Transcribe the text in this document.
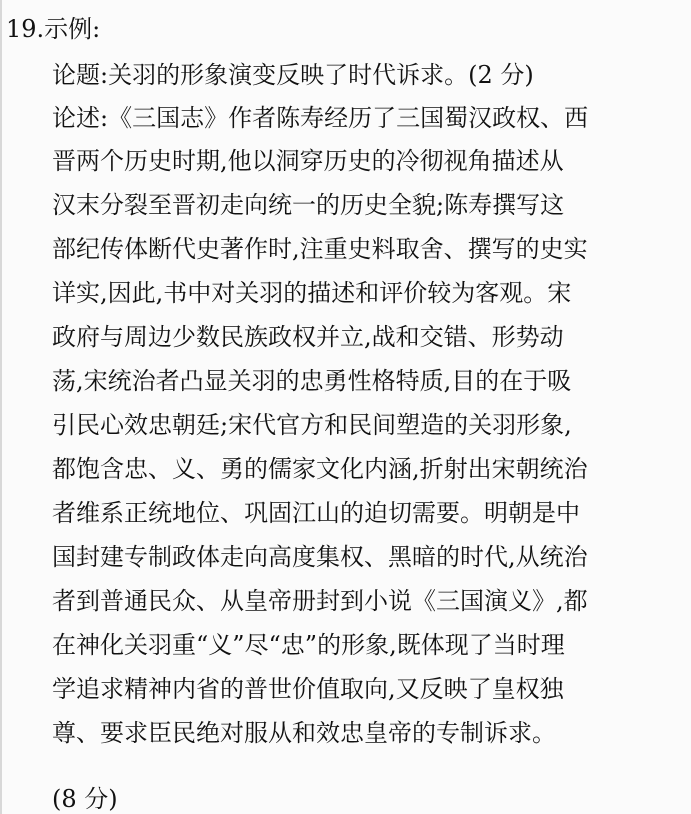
19.示例:
论题:关羽的形象演变反映了时代诉求。(2 分)
论述:《三国志》作者陈寿经历了三国蜀汉政权、西
晋两个历史时期,他以洞穿历史的冷彻视角描述从
汉末分裂至晋初走向统一的历史全貌;陈寿撰写这
部纪传体断代史著作时,注重史料取舍、撰写的史实
详实,因此,书中对关羽的描述和评价较为客观。宋
政府与周边少数民族政权并立,战和交错、形势动
荡,宋统治者凸显关羽的忠勇性格特质,目的在于吸
引民心效忠朝廷;宋代官方和民间塑造的关羽形象,
都饱含忠、义、勇的儒家文化内涵,折射出宋朝统治
者维系正统地位、巩固江山的迫切需要。明朝是中
国封建专制政体走向高度集权、黑暗的时代,从统治
者到普通民众、从皇帝册封到小说《三国演义》,都
在神化关羽重“义”尽“忠”的形象,既体现了当时理
学追求精神内省的普世价值取向,又反映了皇权独
尊、要求臣民绝对服从和效忠皇帝的专制诉求。
(8 分)
